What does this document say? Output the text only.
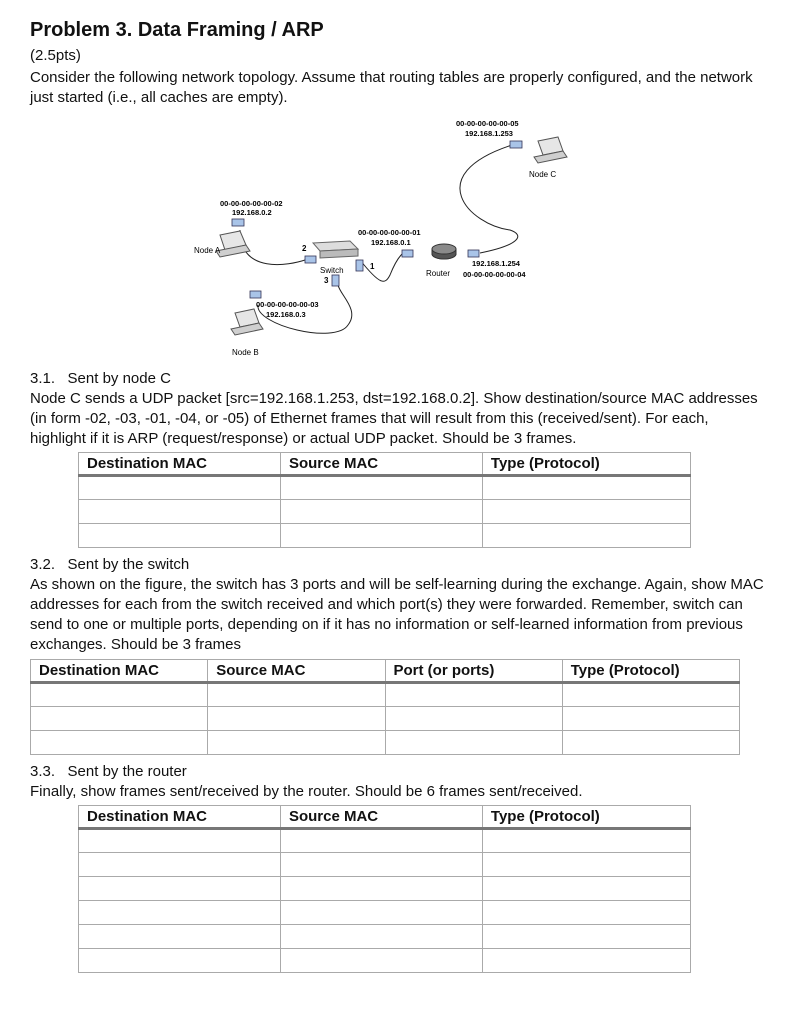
Problem 3. Data Framing / ARP

(2.5pts)

Consider the following network topology. Assume that routing tables are properly configured, and the network just started (i.e., all caches are empty).

Node A
00-00-00-00-00-02
192.168.0.2
Switch
2
1
3
Node B
00-00-00-00-00-03
192.168.0.3
Router
00-00-00-00-00-01
192.168.0.1
192.168.1.254
00-00-00-00-00-04
Node C
00-00-00-00-00-05
192.168.1.253

3.1. Sent by node C

Node C sends a UDP packet [src=192.168.1.253, dst=192.168.0.2]. Show destination/source MAC addresses (in form -02, -03, -01, -04, or -05) of Ethernet frames that will result from this (received/sent). For each, highlight if it is ARP (request/response) or actual UDP packet. Should be 3 frames.

Destination MAC	Source MAC	Type (Protocol)

3.2. Sent by the switch

As shown on the figure, the switch has 3 ports and will be self-learning during the exchange. Again, show MAC addresses for each from the switch received and which port(s) they were forwarded. Remember, switch can send to one or multiple ports, depending on if it has no information or self-learned information from previous exchanges. Should be 3 frames

Destination MAC	Source MAC	Port (or ports)	Type (Protocol)

3.3. Sent by the router

Finally, show frames sent/received by the router. Should be 6 frames sent/received.

Destination MAC	Source MAC	Type (Protocol)
